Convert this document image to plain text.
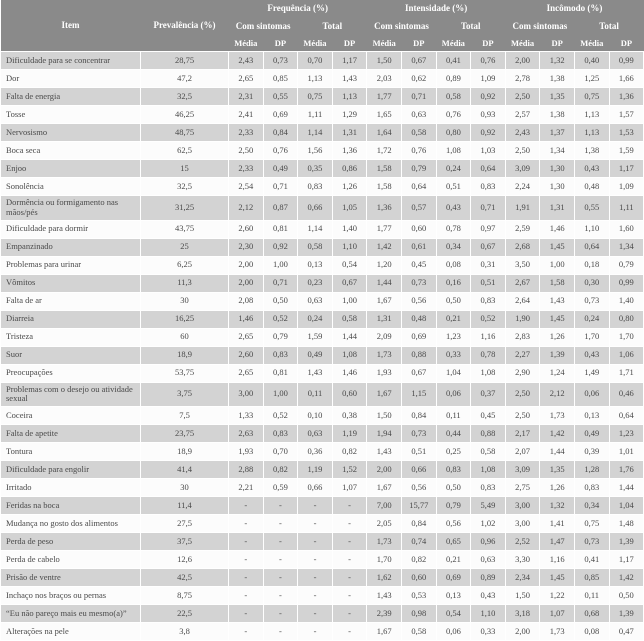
Item	Prevalência (%)	Frequência (%)				Intensidade (%)				Incômodo (%)			
		Com sintomas		Total		Com sintomas		Total		Com sintomas		Total	
		Média	DP	Média	DP	Média	DP	Média	DP	Média	DP	Média	DP
Dificuldade para se concentrar	28,75	2,43	0,73	0,70	1,17	1,50	0,67	0,41	0,76	2,00	1,32	0,40	0,99
Dor	47,2	2,65	0,85	1,13	1,43	2,03	0,62	0,89	1,09	2,78	1,38	1,25	1,66
Falta de energia	32,5	2,31	0,55	0,75	1,13	1,77	0,71	0,58	0,92	2,50	1,35	0,75	1,36
Tosse	46,25	2,41	0,69	1,11	1,29	1,65	0,63	0,76	0,93	2,57	1,38	1,13	1,57
Nervosismo	48,75	2,33	0,84	1,14	1,31	1,64	0,58	0,80	0,92	2,43	1,37	1,13	1,53
Boca seca	62,5	2,50	0,76	1,56	1,36	1,72	0,76	1,08	1,03	2,50	1,34	1,38	1,59
Enjoo	15	2,33	0,49	0,35	0,86	1,58	0,79	0,24	0,64	3,09	1,30	0,43	1,17
Sonolência	32,5	2,54	0,71	0,83	1,26	1,58	0,64	0,51	0,83	2,24	1,30	0,48	1,09
Dormência ou formigamento nas mãos/pés	31,25	2,12	0,87	0,66	1,05	1,36	0,57	0,43	0,71	1,91	1,31	0,55	1,11
Dificuldade para dormir	43,75	2,60	0,81	1,14	1,40	1,77	0,60	0,78	0,97	2,59	1,46	1,10	1,60
Empanzinado	25	2,30	0,92	0,58	1,10	1,42	0,61	0,34	0,67	2,68	1,45	0,64	1,34
Problemas para urinar	6,25	2,00	1,00	0,13	0,54	1,20	0,45	0,08	0,31	3,50	1,00	0,18	0,79
Vômitos	11,3	2,00	0,71	0,23	0,67	1,44	0,73	0,16	0,51	2,67	1,58	0,30	0,99
Falta de ar	30	2,08	0,50	0,63	1,00	1,67	0,56	0,50	0,83	2,64	1,43	0,73	1,40
Diarreia	16,25	1,46	0,52	0,24	0,58	1,31	0,48	0,21	0,52	1,90	1,45	0,24	0,80
Tristeza	60	2,65	0,79	1,59	1,44	2,09	0,69	1,23	1,16	2,83	1,26	1,70	1,70
Suor	18,9	2,60	0,83	0,49	1,08	1,73	0,88	0,33	0,78	2,27	1,39	0,43	1,06
Preocupações	53,75	2,65	0,81	1,43	1,46	1,93	0,67	1,04	1,08	2,90	1,24	1,49	1,71
Problemas com o desejo ou atividade sexual	3,75	3,00	1,00	0,11	0,60	1,67	1,15	0,06	0,37	2,50	2,12	0,06	0,46
Coceira	7,5	1,33	0,52	0,10	0,38	1,50	0,84	0,11	0,45	2,50	1,73	0,13	0,64
Falta de apetite	23,75	2,63	0,83	0,63	1,19	1,94	0,73	0,44	0,88	2,17	1,42	0,49	1,23
Tontura	18,9	1,93	0,70	0,36	0,82	1,43	0,51	0,25	0,58	2,07	1,44	0,39	1,01
Dificuldade para engolir	41,4	2,88	0,82	1,19	1,52	2,00	0,66	0,83	1,08	3,09	1,35	1,28	1,76
Irritado	30	2,21	0,59	0,66	1,07	1,67	0,56	0,50	0,83	2,75	1,26	0,83	1,44
Feridas na boca	11,4	-	-	-	-	7,00	15,77	0,79	5,49	3,00	1,32	0,34	1,04
Mudança no gosto dos alimentos	27,5	-	-	-	-	2,05	0,84	0,56	1,02	3,00	1,41	0,75	1,48
Perda de peso	37,5	-	-	-	-	1,73	0,74	0,65	0,96	2,52	1,47	0,73	1,39
Perda de cabelo	12,6	-	-	-	-	1,70	0,82	0,21	0,63	3,30	1,16	0,41	1,17
Prisão de ventre	42,5	-	-	-	-	1,62	0,60	0,69	0,89	2,34	1,45	0,85	1,42
Inchaço nos braços ou pernas	8,75	-	-	-	-	1,43	0,53	0,13	0,43	1,50	1,22	0,11	0,50
“Eu não pareço mais eu mesmo(a)”	22,5	-	-	-	-	2,39	0,98	0,54	1,10	3,18	1,07	0,68	1,39
Alterações na pele	3,8	-	-	-	-	1,67	0,58	0,06	0,33	2,00	1,73	0,08	0,47
